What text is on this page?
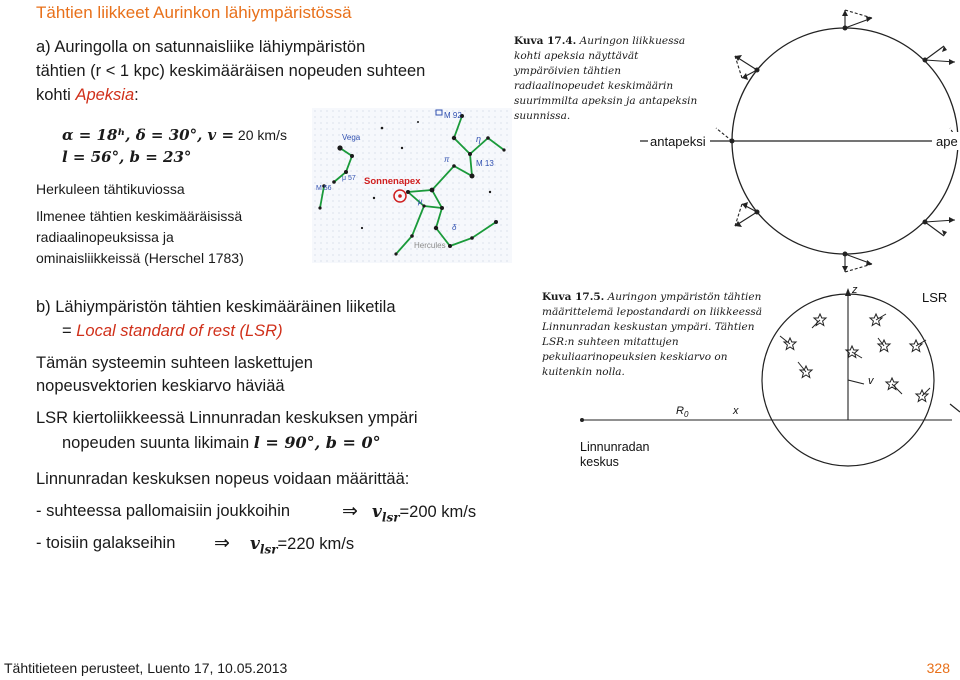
Tähtien liikkeet Aurinkon lähiympäristössä
a) Auringolla on satunnaisliike lähiympäristön
tähtien (r < 1 kpc) keskimääräisen nopeuden suhteen
kohti Apeksia:
α = 18ʰ, δ = 30°, v = 20 km/s
l = 56°, b = 23°
Herkuleen tähtikuviossa
Ilmenee tähtien keskimääräisissä
radiaalinopeuksissa ja
ominaisliikkeissä (Herschel 1783)
M 92
Vega
M 13
M 56
μ 57
η
π
μ
δ
Hercules
Sonnenapex
Kuva 17.4. Auringon liikkuessa kohti apeksia näyttävät ympäröivien tähtien radiaalinopeudet keskimäärin suurimmilta apeksin ja antapeksin suunnissa.
antapeksi	ape
b) Lähiympäristön tähtien keskimääräinen liiketila
= Local standard of rest (LSR)
Tämän systeemin suhteen laskettujen
nopeusvektorien keskiarvo häviää
LSR kiertoliikkeessä Linnunradan keskuksen ympäri
nopeuden suunta likimain l = 90°, b = 0°
Linnunradan keskuksen nopeus voidaan määrittää:
- suhteessa pallomaisiin joukkoihin	⇒ $v_{lsr}=200$ km/s
- toisiin galakseihin ⇒ $v_{lsr}=220$ km/s
Kuva 17.5. Auringon ympäristön tähtien määrittelemä lepostandardi on liikkeessä Linnunradan keskustan ympäri. Tähtien LSR:n suhteen mitattujen pekuliaarinopeuksien keskiarvo on kuitenkin nolla.
z	LSR
v
x
$R_0$
Linnunradan
keskus
Tähtitieteen perusteet, Luento 17, 10.05.2013	328
